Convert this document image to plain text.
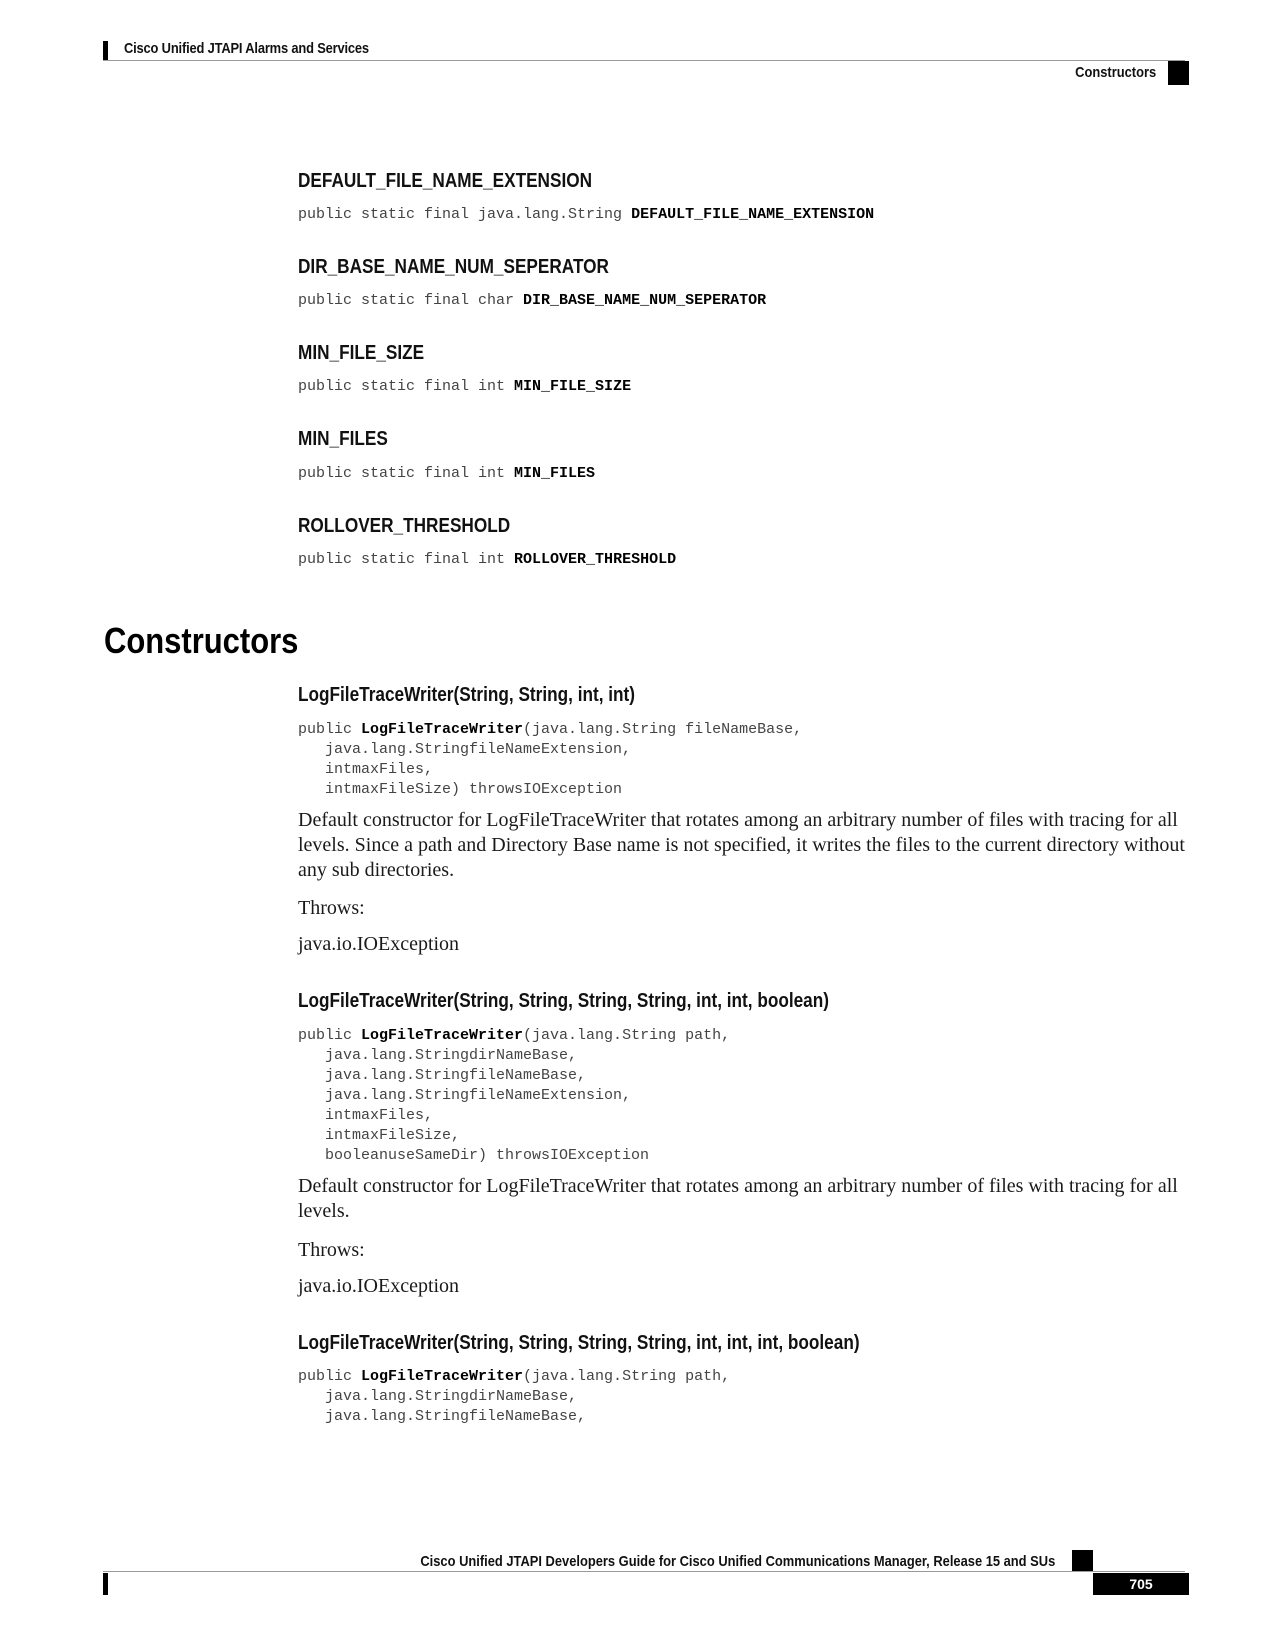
Cisco Unified JTAPI Alarms and Services
Constructors
DEFAULT_FILE_NAME_EXTENSION
public static final java.lang.String DEFAULT_FILE_NAME_EXTENSION
DIR_BASE_NAME_NUM_SEPERATOR
public static final char DIR_BASE_NAME_NUM_SEPERATOR
MIN_FILE_SIZE
public static final int MIN_FILE_SIZE
MIN_FILES
public static final int MIN_FILES
ROLLOVER_THRESHOLD
public static final int ROLLOVER_THRESHOLD
Constructors
LogFileTraceWriter(String, String, int, int)
public LogFileTraceWriter(java.lang.String fileNameBase,
java.lang.StringfileNameExtension,
intmaxFiles,
intmaxFileSize) throwsIOException
Default constructor for LogFileTraceWriter that rotates among an arbitrary number of files with tracing for all levels. Since a path and Directory Base name is not specified, it writes the files to the current directory without any sub directories.
Throws:
java.io.IOException
LogFileTraceWriter(String, String, String, String, int, int, boolean)
public LogFileTraceWriter(java.lang.String path,
java.lang.StringdirNameBase,
java.lang.StringfileNameBase,
java.lang.StringfileNameExtension,
intmaxFiles,
intmaxFileSize,
booleanuseSameDir) throwsIOException
Default constructor for LogFileTraceWriter that rotates among an arbitrary number of files with tracing for all levels.
Throws:
java.io.IOException
LogFileTraceWriter(String, String, String, String, int, int, int, boolean)
public LogFileTraceWriter(java.lang.String path,
java.lang.StringdirNameBase,
java.lang.StringfileNameBase,
Cisco Unified JTAPI Developers Guide for Cisco Unified Communications Manager, Release 15 and SUs
705
